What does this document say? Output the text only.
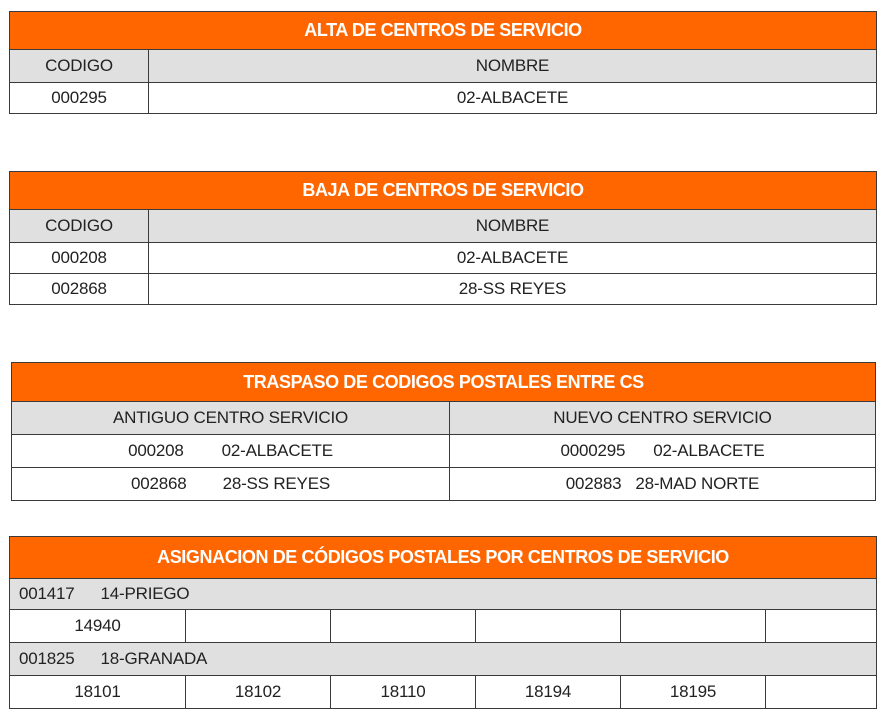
ALTA DE CENTROS DE SERVICIO	
CODIGO	NOMBRE
000295	02-ALBACETE
BAJA DE CENTROS DE SERVICIO	
CODIGO	NOMBRE
000208	02-ALBACETE
002868	28-SS REYES
TRASPASO DE CODIGOS POSTALES ENTRE CS	
ANTIGUO CENTRO SERVICIO	NUEVO CENTRO SERVICIO
000208 02-ALBACETE	0000295 02-ALBACETE
002868 28-SS REYES	002883 28-MAD NORTE
ASIGNACION DE CÓDIGOS POSTALES POR CENTROS DE SERVICIO					
001417 14-PRIEGO					
14940					
001825 18-GRANADA					
18101	18102	18110	18194	18195	
